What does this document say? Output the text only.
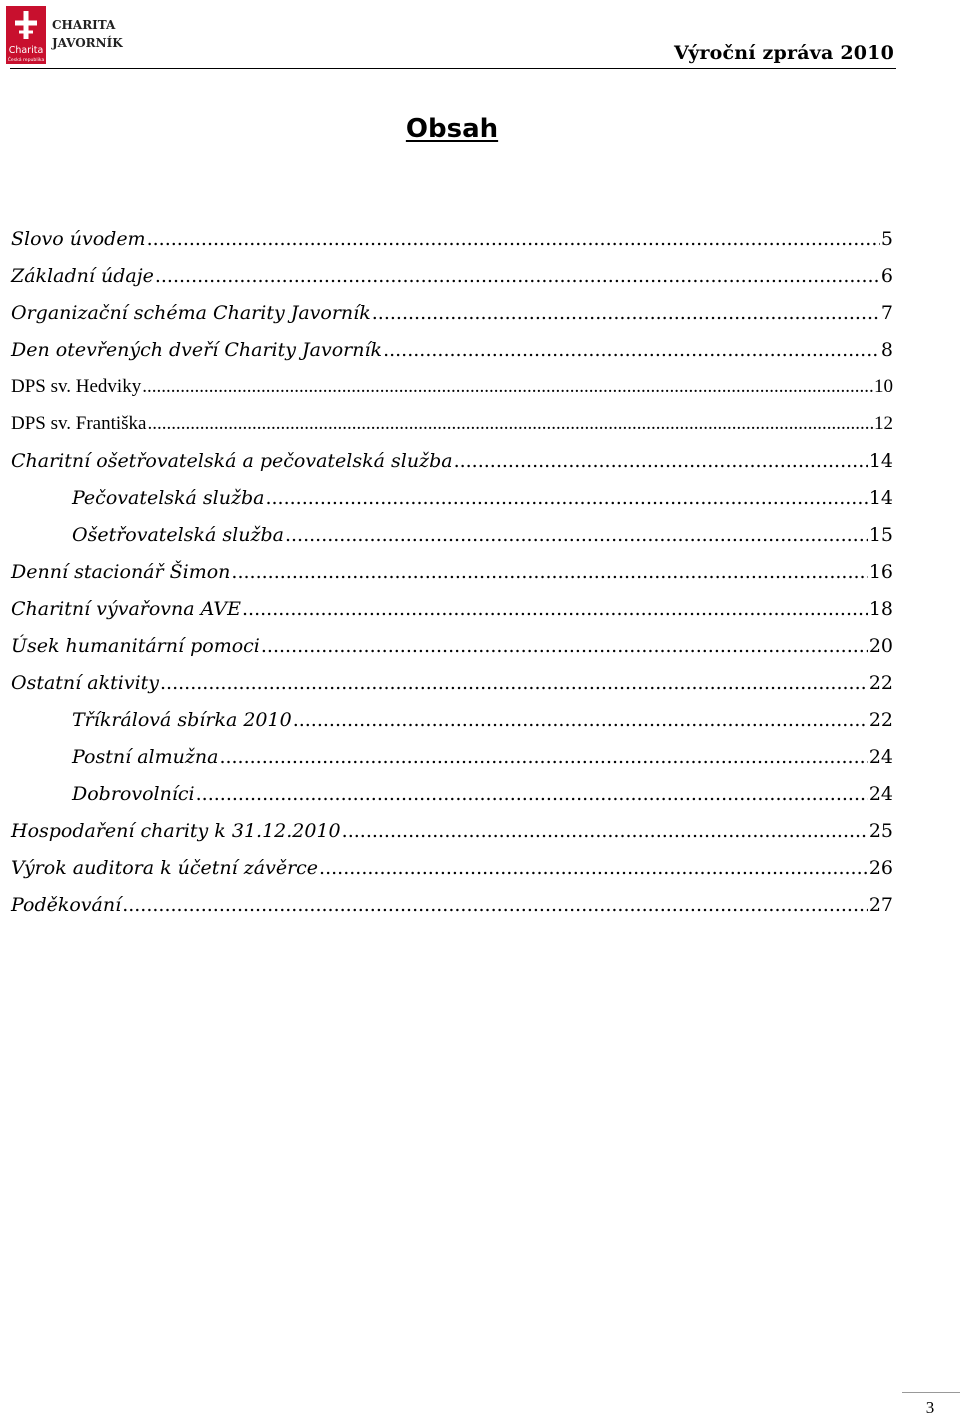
Charita
Česká republika
CHARITA
JAVORNÍK	Výroční zpráva 2010
Obsah
Slovo úvodem .....	5
Základní údaje .....	6
Organizační schéma Charity Javorník .....	7
Den otevřených dveří Charity Javorník .....	8
DPS sv. Hedviky .....	10
DPS sv. Františka .....	12
Charitní ošetřovatelská a pečovatelská služba .....	14
Pečovatelská služba .....	14
Ošetřovatelská služba .....	15
Denní stacionář Šimon .....	16
Charitní vývařovna AVE .....	18
Úsek humanitární pomoci .....	20
Ostatní aktivity .....	22
Tříkrálová sbírka 2010 .....	22
Postní almužna .....	24
Dobrovolníci .....	24
Hospodaření charity k 31.12.2010 .....	25
Výrok auditora k účetní závěrce .....	26
Poděkování .....	27
3
